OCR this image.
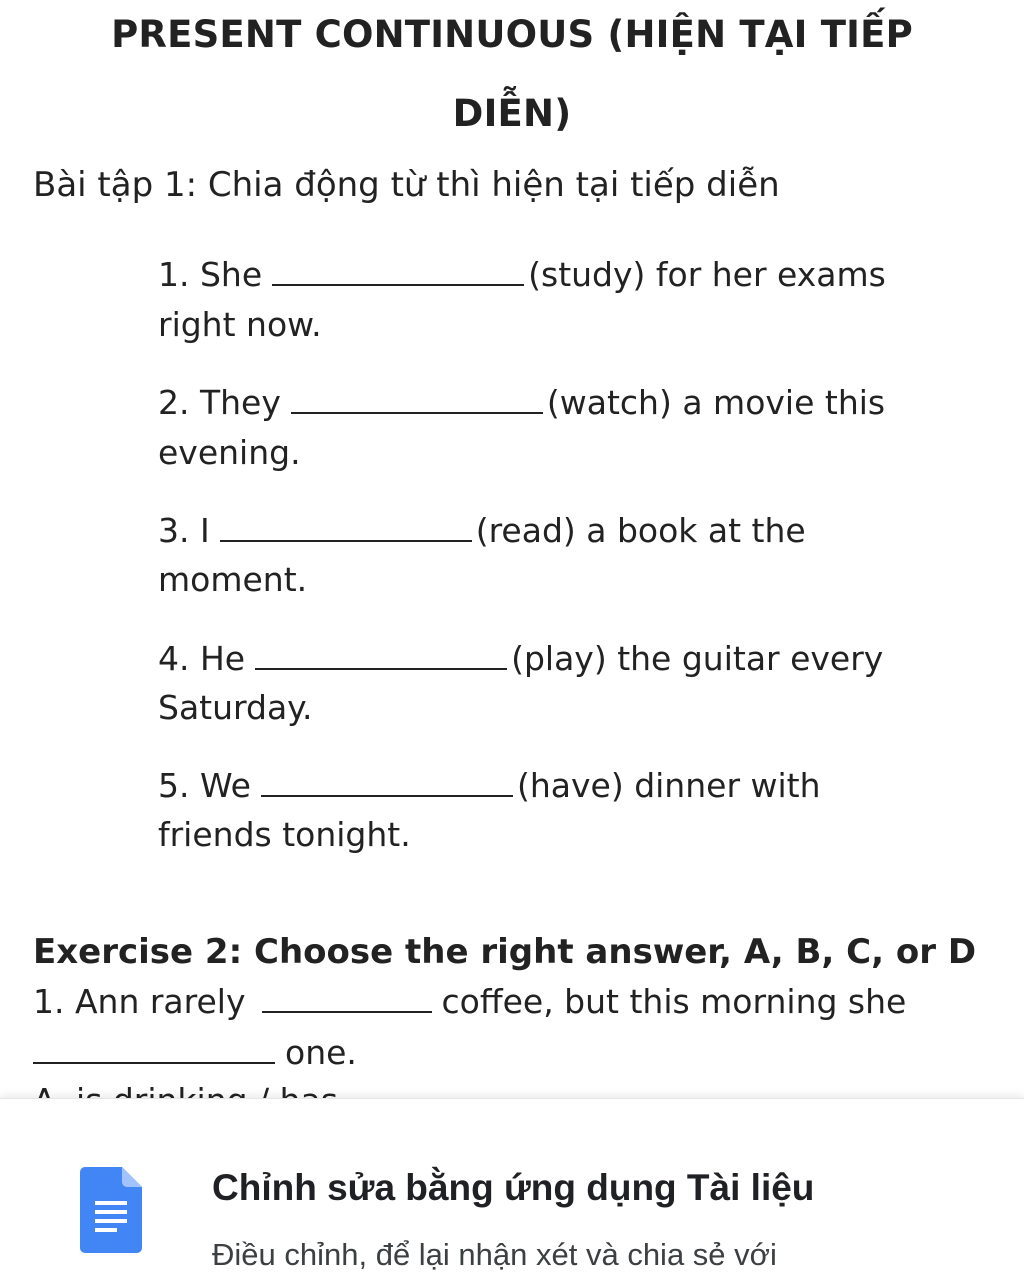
PRESENT CONTINUOUS (HIỆN TẠI TIẾP
DIỄN)
Bài tập 1: Chia động từ thì hiện tại tiếp diễn
1. She	(study) for her exams
right now.
2. They	(watch) a movie this
evening.
3. I	(read) a book at the
moment.
4. He	(play) the guitar every
Saturday.
5. We	(have) dinner with
friends tonight.
Exercise 2: Choose the right answer, A, B, C, or D
1. Ann rarely	coffee, but this morning she
one.
Chỉnh sửa bằng ứng dụng Tài liệu
Điều chỉnh, để lại nhận xét và chia sẻ với
